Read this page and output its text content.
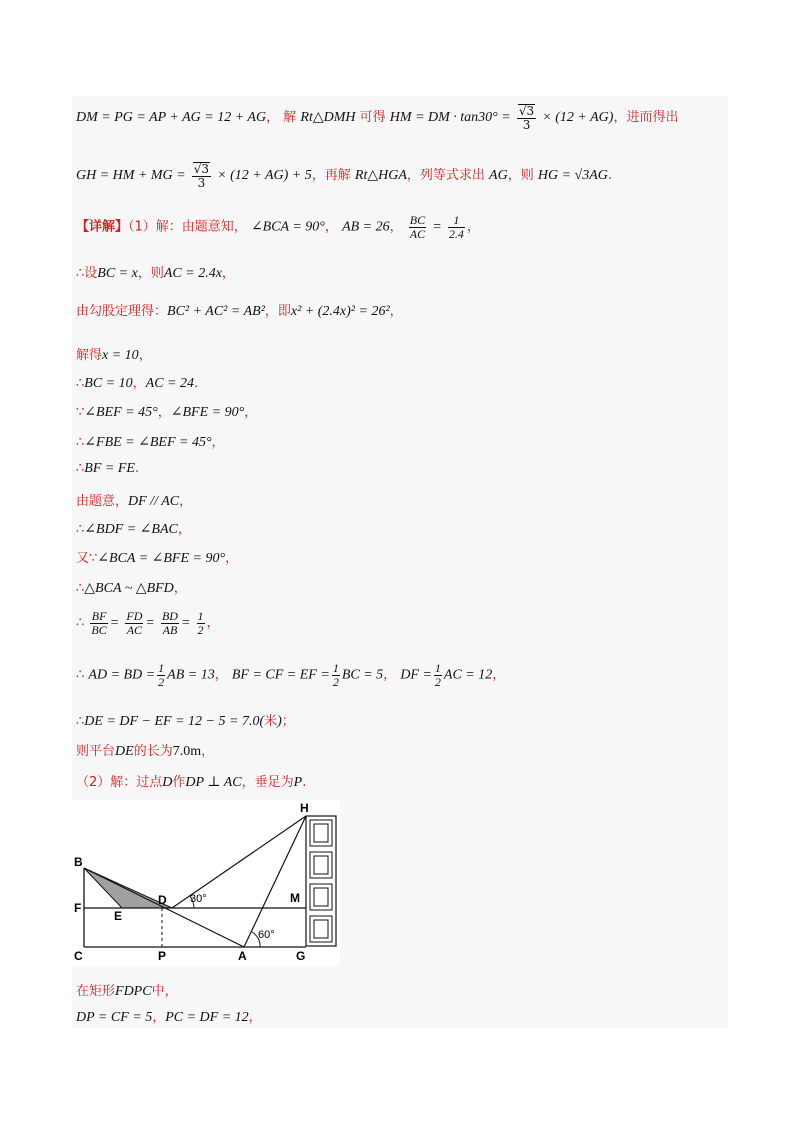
DM = PG = AP + AG = 12 + AG， 解 Rt△DMH 可得 HM = DM · $\tan 30^\circ = \frac{√3}{3} \times (12 + AG)$，进而得出
GH = HM + MG = $\frac{√3}{3} \times (12 + AG) + 5$，再解 Rt△HGA，列等式求出 AG，则 HG = √3AG.
【详解】（1）解：由题意知， ∠BCA = 90°， AB = 26， $\frac{BC}{AC} = \frac{1}{2.4}$ ，
∴设BC = x，则AC = 2.4x，
由勾股定理得：BC² + AC² = AB²，即x² + (2.4x)² = 26²，
解得x = 10，
∴BC = 10，AC = 24.
∵∠BEF = 45°，∠BFE = 90°，
∴∠FBE = ∠BEF = 45°，
∴BF = FE.
由题意，DF // AC，
∴∠BDF = ∠BAC，
又∵∠BCA = ∠BFE = 90°，
∴△BCA ~ △BFD，
∴ $\frac{BF}{BC} = \frac{FD}{AC} = \frac{BD}{AB} = \frac{1}{2}$ ，
∴ AD = BD = $\frac{1}{2}$ AB = 13， BF = CF = EF = $\frac{1}{2}$ BC = 5， DF = $\frac{1}{2}$ AC = 12，
∴DE = DF − EF = 12 − 5 = 7.0(米)；
则平台DE的长为7.0m，
（2）解：过点D作DP ⊥ AC，垂足为P.
B
F
C
E
D
P	A	G
M
H
30°
60°
在矩形FDPC中，
DP = CF = 5，PC = DF = 12，
